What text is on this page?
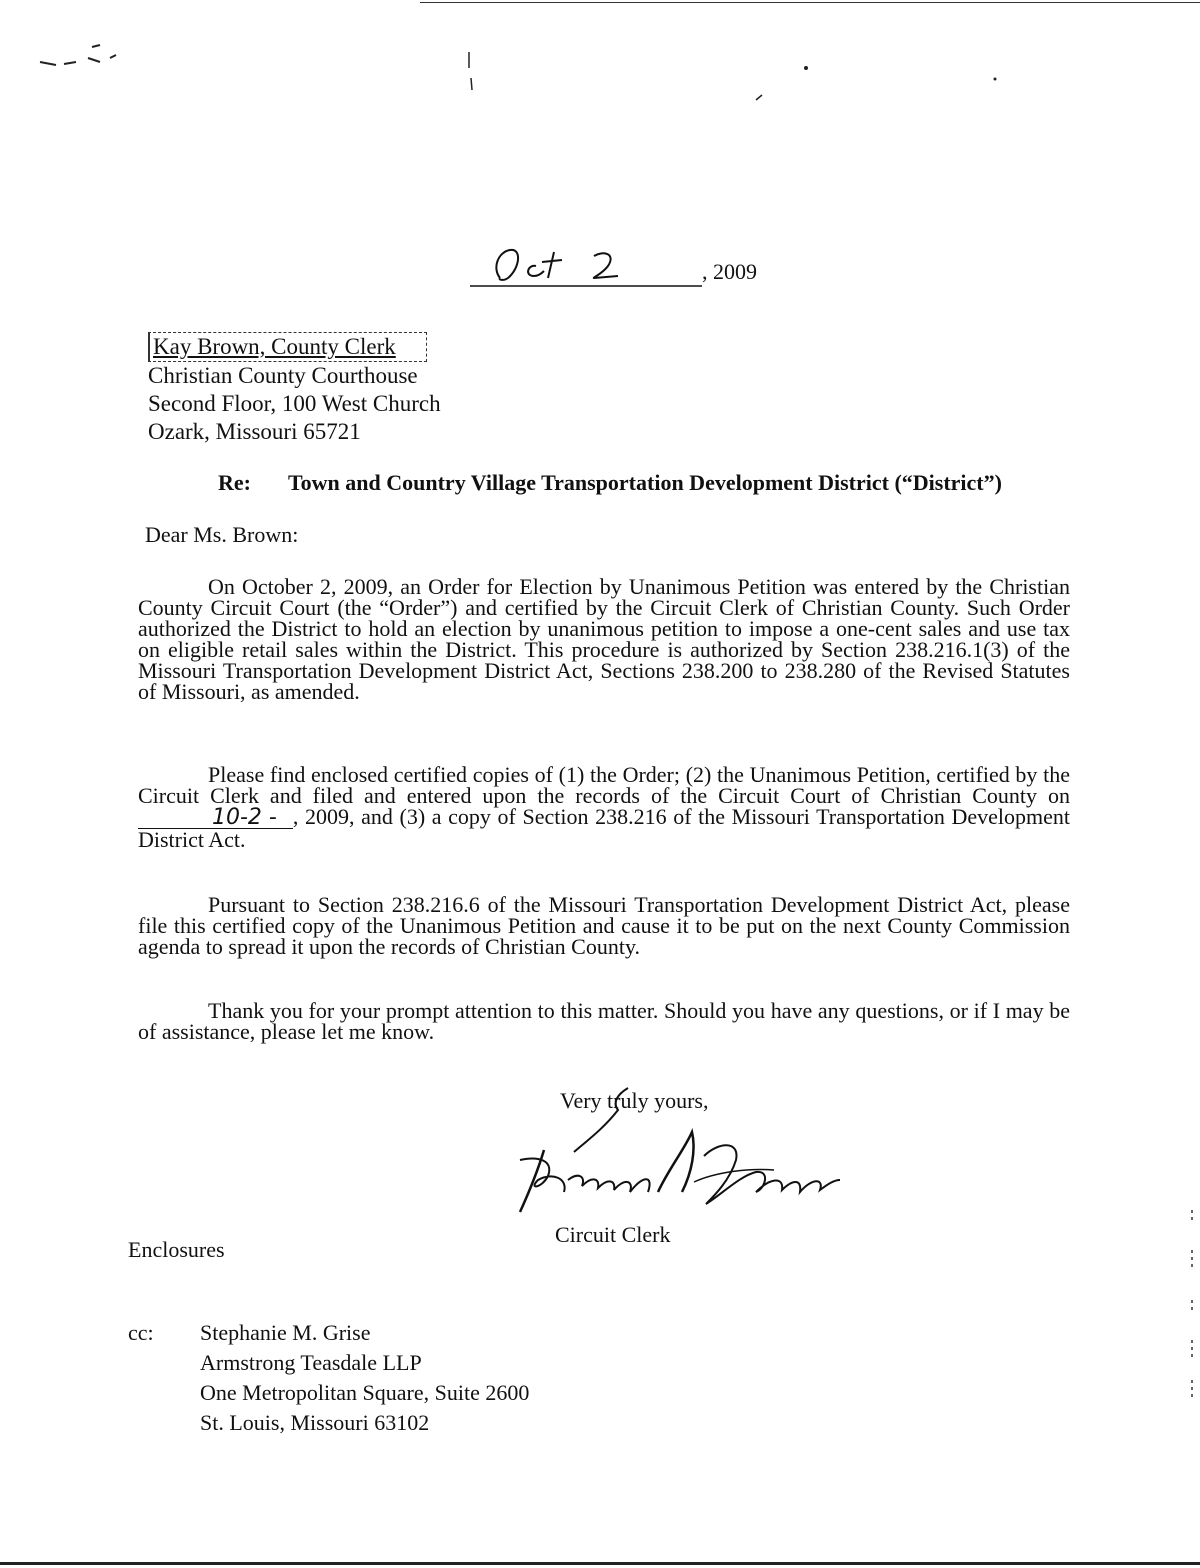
, 2009
Kay Brown, County Clerk
Christian County Courthouse
Second Floor, 100 West Church
Ozark, Missouri 65721
Re: Town and Country Village Transportation Development District (“District”)
Dear Ms. Brown:

On October 2, 2009, an Order for Election by Unanimous Petition was entered by the Christian County Circuit Court (the “Order”) and certified by the Circuit Clerk of Christian County. Such Order authorized the District to hold an election by unanimous petition to impose a one-cent sales and use tax on eligible retail sales within the District. This procedure is authorized by Section 238.216.1(3) of the Missouri Transportation Development District Act, Sections 238.200 to 238.280 of the Revised Statutes of Missouri, as amended.

Please find enclosed certified copies of (1) the Order; (2) the Unanimous Petition, certified by the Circuit Clerk and filed and entered upon the records of the Circuit Court of Christian County on 10-2 - , 2009, and (3) a copy of Section 238.216 of the Missouri Transportation Development District Act.

Pursuant to Section 238.216.6 of the Missouri Transportation Development District Act, please file this certified copy of the Unanimous Petition and cause it to be put on the next County Commission agenda to spread it upon the records of Christian County.

Thank you for your prompt attention to this matter. Should you have any questions, or if I may be of assistance, please let me know.

Very truly yours,
Circuit Clerk
Enclosures
cc: Stephanie M. Grise
Armstrong Teasdale LLP
One Metropolitan Square, Suite 2600
St. Louis, Missouri 63102
